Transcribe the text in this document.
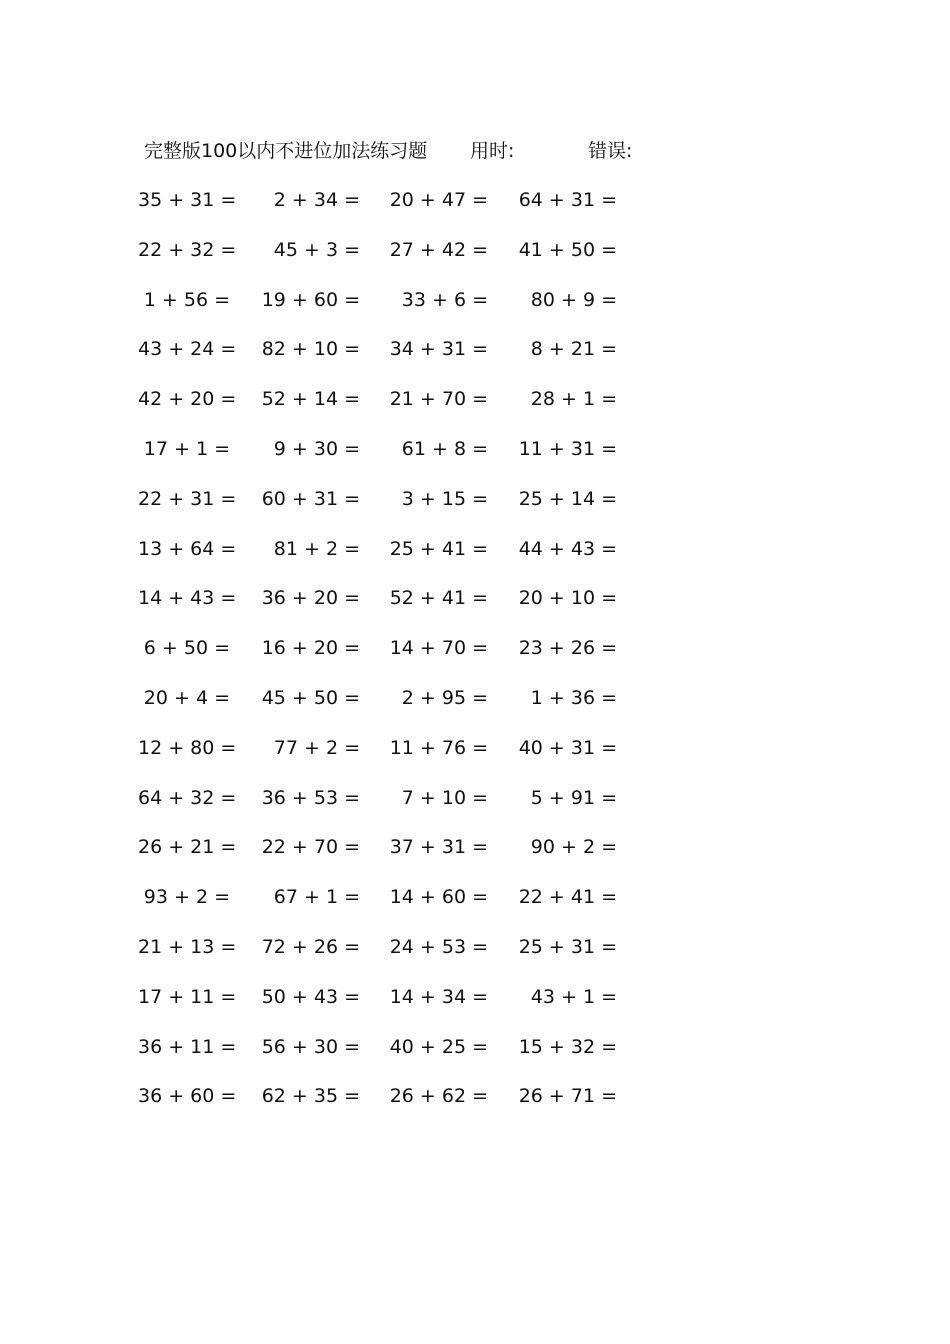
完整版100以内不进位加法练习题 用时:	错误:
35 + 31 =	2 + 34 = 20 + 47 = 64 + 31 =
22 + 32 =	45 + 3 = 27 + 42 = 41 + 50 =
1 + 56 = 19 + 60 =	33 + 6 =	80 + 9 =
43 + 24 = 82 + 10 = 34 + 31 =	8 + 21 =
42 + 20 = 52 + 14 = 21 + 70 =	28 + 1 =
17 + 1 =	9 + 30 =	61 + 8 = 11 + 31 =
22 + 31 = 60 + 31 =	3 + 15 = 25 + 14 =
13 + 64 =	81 + 2 = 25 + 41 = 44 + 43 =
14 + 43 = 36 + 20 = 52 + 41 = 20 + 10 =
6 + 50 = 16 + 20 = 14 + 70 = 23 + 26 =
20 + 4 = 45 + 50 =	2 + 95 =	1 + 36 =
12 + 80 =	77 + 2 = 11 + 76 = 40 + 31 =
64 + 32 = 36 + 53 =	7 + 10 =	5 + 91 =
26 + 21 = 22 + 70 = 37 + 31 =	90 + 2 =
93 + 2 =	67 + 1 = 14 + 60 = 22 + 41 =
21 + 13 = 72 + 26 = 24 + 53 = 25 + 31 =
17 + 11 = 50 + 43 = 14 + 34 =	43 + 1 =
36 + 11 = 56 + 30 = 40 + 25 = 15 + 32 =
36 + 60 = 62 + 35 = 26 + 62 = 26 + 71 =
